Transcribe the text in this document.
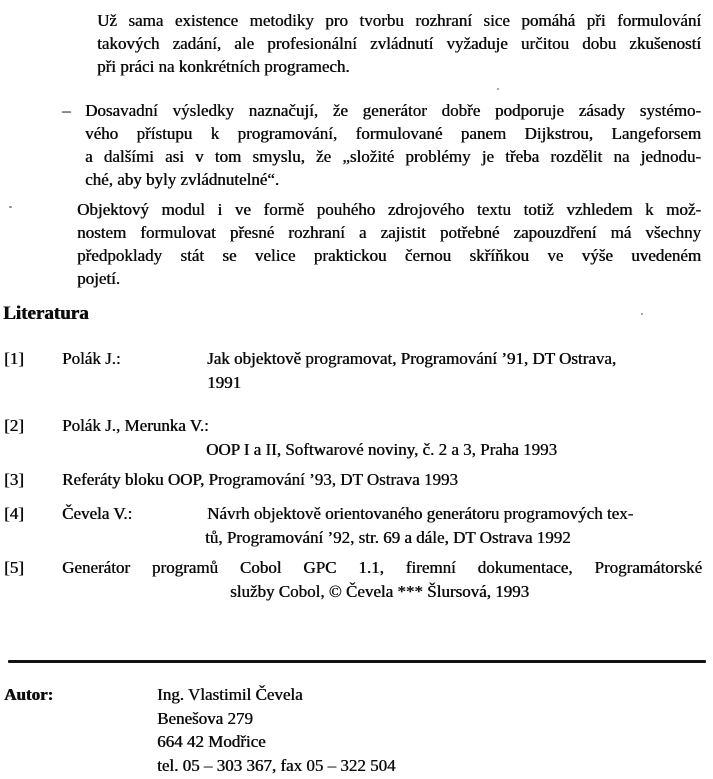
Už sama existence metodiky pro tvorbu rozhraní sice pomáhá při formulování
takových zadání, ale profesionální zvládnutí vyžaduje určitou dobu zkušeností
při práci na konkrétních programech.
– Dosavadní výsledky naznačují, že generátor dobře podporuje zásady systémo-
vého přístupu k programování, formulované panem Dijkstrou, Langeforsem
a dalšími asi v tom smyslu, že „složité problémy je třeba rozdělit na jednodu-
ché, aby byly zvládnutelné“.
Objektový modul i ve formě pouhého zdrojového textu totiž vzhledem k mož-
nostem formulovat přesné rozhraní a zajistit potřebné zapouzdření má všechny
předpoklady stát se velice praktickou černou skříňkou ve výše uvedeném
pojetí.
Literatura
[1] Polák J.:	Jak objektově programovat, Programování ’91, DT Ostrava,
1991
[2] Polák J., Merunka V.:
OOP I a II, Softwarové noviny, č. 2 a 3, Praha 1993
[3] Referáty bloku OOP, Programování ’93, DT Ostrava 1993
[4] Čevela V.:	Návrh objektově orientovaného generátoru programových tex-
tů, Programování ’92, str. 69 a dále, DT Ostrava 1992
[5] Generátor programů Cobol GPC 1.1, firemní dokumentace, Programátorské
služby Cobol, © Čevela *** Šlursová, 1993
Autor:	Ing. Vlastimil Čevela
Benešova 279
664 42 Modřice
tel. 05 – 303 367, fax 05 – 322 504
